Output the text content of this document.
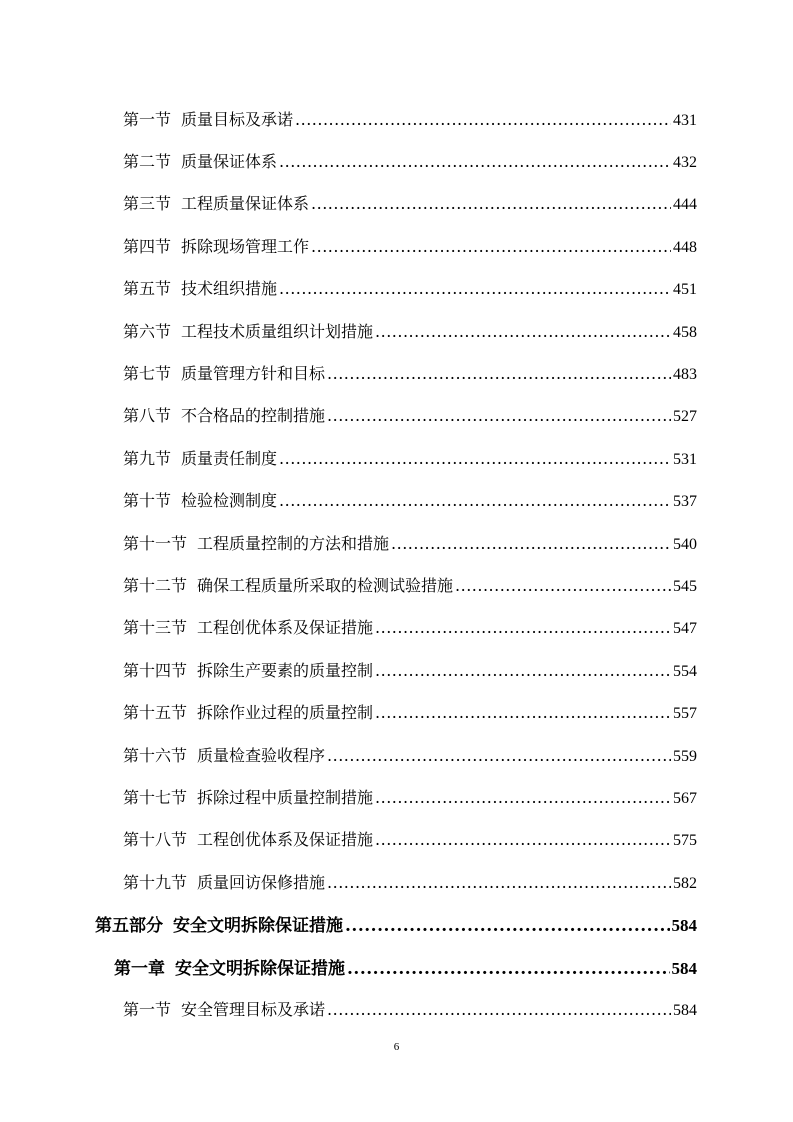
第一节 质量目标及承诺 .....	431
第二节 质量保证体系 .....	432
第三节 工程质量保证体系 .....	444
第四节 拆除现场管理工作 .....	448
第五节 技术组织措施 .....	451
第六节 工程技术质量组织计划措施 .....	458
第七节 质量管理方针和目标 .....	483
第八节 不合格品的控制措施 .....	527
第九节 质量责任制度 .....	531
第十节 检验检测制度 .....	537
第十一节 工程质量控制的方法和措施 .....	540
第十二节 确保工程质量所采取的检测试验措施 .....	545
第十三节 工程创优体系及保证措施 .....	547
第十四节 拆除生产要素的质量控制 .....	554
第十五节 拆除作业过程的质量控制 .....	557
第十六节 质量检查验收程序 .....	559
第十七节 拆除过程中质量控制措施 .....	567
第十八节 工程创优体系及保证措施 .....	575
第十九节 质量回访保修措施 .....	582
第五部分 安全文明拆除保证措施 .....	584
第一章 安全文明拆除保证措施 .....	584
第一节 安全管理目标及承诺 .....	584
6
